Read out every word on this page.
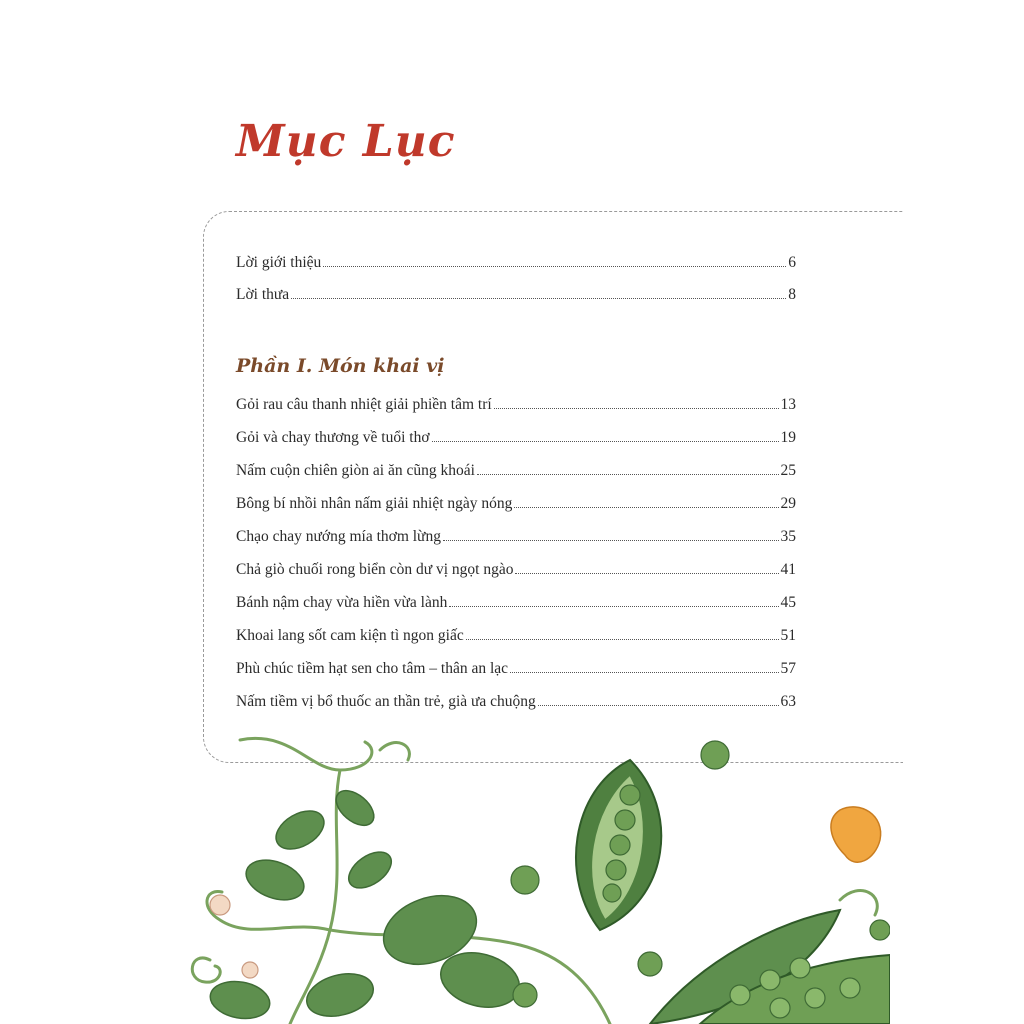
Mục Lục
Lời giới thiệu	6
Lời thưa	8
Phần I. Món khai vị
Gỏi rau câu thanh nhiệt giải phiền tâm trí	13
Gỏi và chay thương về tuổi thơ	19
Nấm cuộn chiên giòn ai ăn cũng khoái	25
Bông bí nhồi nhân nấm giải nhiệt ngày nóng	29
Chạo chay nướng mía thơm lừng	35
Chả giò chuối rong biển còn dư vị ngọt ngào	41
Bánh nậm chay vừa hiền vừa lành	45
Khoai lang sốt cam kiện tì ngon giấc	51
Phù chúc tiềm hạt sen cho tâm – thân an lạc	57
Nấm tiềm vị bổ thuốc an thần trẻ, già ưa chuộng	63
